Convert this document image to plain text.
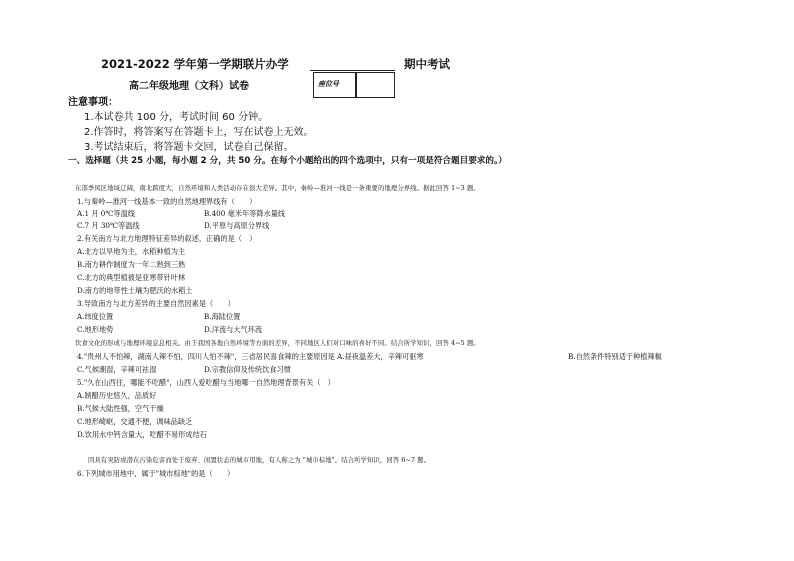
2021-2022 学年第一学期联片办学	期中考试
高二年级地理（文科）试卷	座位号
注意事项：
1.本试卷共 100 分，考试时间 60 分钟。
2.作答时，将答案写在答题卡上，写在试卷上无效。
3.考试结束后，将答题卡交回，试卷自己保留。
一、选择题（共 25 小题，每小题 2 分，共 50 分。在每个小题给出的四个选项中，只有一项是符合题目要求的。）
东部季风区地域辽阔，南北跨度大，自然环境和人类活动存在很大差异。其中，秦岭—淮河一线是一条重要的地理分界线。据此回答 1~3 题。
1.与秦岭—淮河一线基本一致的自然地理界线有（　　）
A.1 月 0℃等温线	B.400 毫米年等降水量线
C.7 月 30℃等温线	D.平原与高原分界线
2.有关南方与北方地理特征差异的叙述，正确的是（　）
A.北方以旱地为主，水稻种植为主
B.南方耕作制度为一年二熟到三熟
C.北方的典型植被是亚寒带针叶林
D.南方的地带性土壤为肥沃的水稻土
3.导致南方与北方差异的主要自然因素是（　　）
A.纬度位置	B.海陆位置
C.地形地势	D.洋流与大气环流
饮食文化的形成与地理环境息息相关。由于我国各地自然环境等方面的差异，不同地区人们对口味的喜好不同。结合所学知识，回答 4~5 题。
4."贵州人不怕辣，湖南人辣不怕，四川人怕不辣"，三省居民喜食辣的主要原因是 A.昼夜温差大，辛辣可驱寒	B.自然条件特别适于种植辣椒
C.气候潮湿，辛辣可祛湿	D.宗教信仰及传统饮食习惯
5."久在山西住，哪能不吃醋"，山西人爱吃醋与当地哪一自然地理背景有关（　）
A.制醋历史悠久，品质好
B.气候大陆性强，空气干燥
C.地形崎岖，交通不便，调味品缺乏
D.饮用水中钙含量大，吃醋不易形成结石
因具有突防或潜在污染危害而处于废弃、闲置状态的城市用地，有人称之为 "城市棕地"。结合所学知识，回答 6~7 题。
6.下列城市用地中，属于"城市棕地"的是（　　）
